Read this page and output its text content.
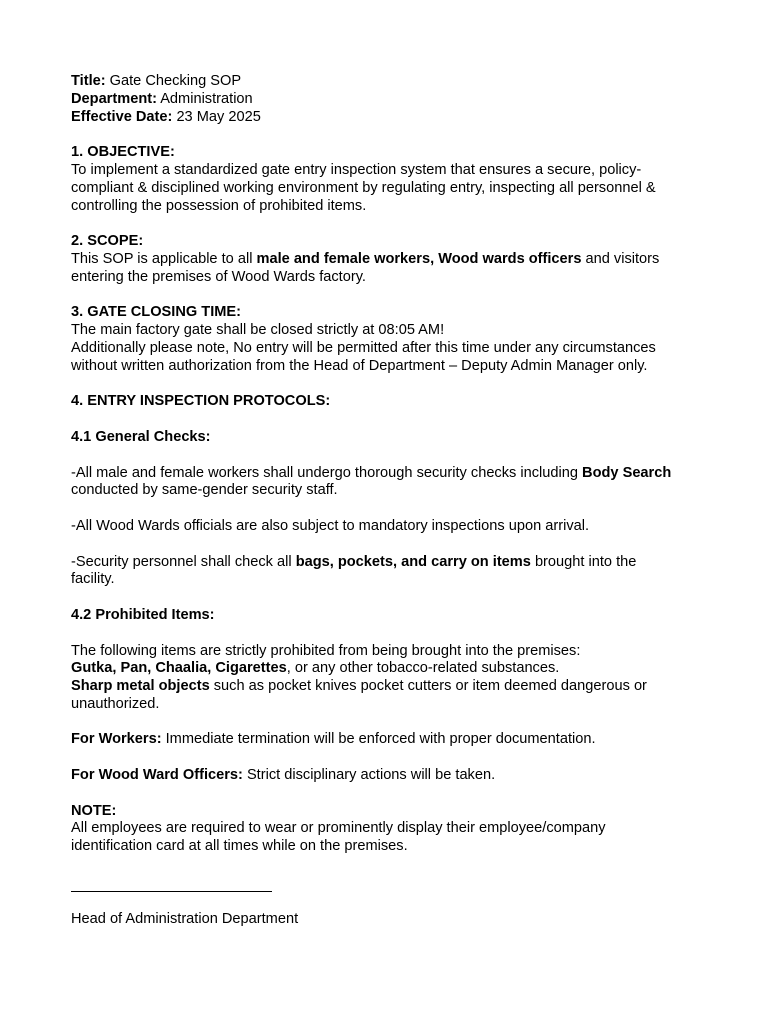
Title: Gate Checking SOP
Department: Administration
Effective Date: 23 May 2025
1. OBJECTIVE:
To implement a standardized gate entry inspection system that ensures a secure, policy-
compliant & disciplined working environment by regulating entry, inspecting all personnel &
controlling the possession of prohibited items.
2. SCOPE:
This SOP is applicable to all male and female workers, Wood wards officers and visitors
entering the premises of Wood Wards factory.
3. GATE CLOSING TIME:
The main factory gate shall be closed strictly at 08:05 AM!
Additionally please note, No entry will be permitted after this time under any circumstances
without written authorization from the Head of Department – Deputy Admin Manager only.
4. ENTRY INSPECTION PROTOCOLS:
4.1 General Checks:
-All male and female workers shall undergo thorough security checks including Body Search
conducted by same-gender security staff.
-All Wood Wards officials are also subject to mandatory inspections upon arrival.
-Security personnel shall check all bags, pockets, and carry on items brought into the
facility.
4.2 Prohibited Items:
The following items are strictly prohibited from being brought into the premises:
Gutka, Pan, Chaalia, Cigarettes, or any other tobacco-related substances.
Sharp metal objects such as pocket knives pocket cutters or item deemed dangerous or
unauthorized.
For Workers: Immediate termination will be enforced with proper documentation.
For Wood Ward Officers: Strict disciplinary actions will be taken.
NOTE:
All employees are required to wear or prominently display their employee/company
identification card at all times while on the premises.
Head of Administration Department
